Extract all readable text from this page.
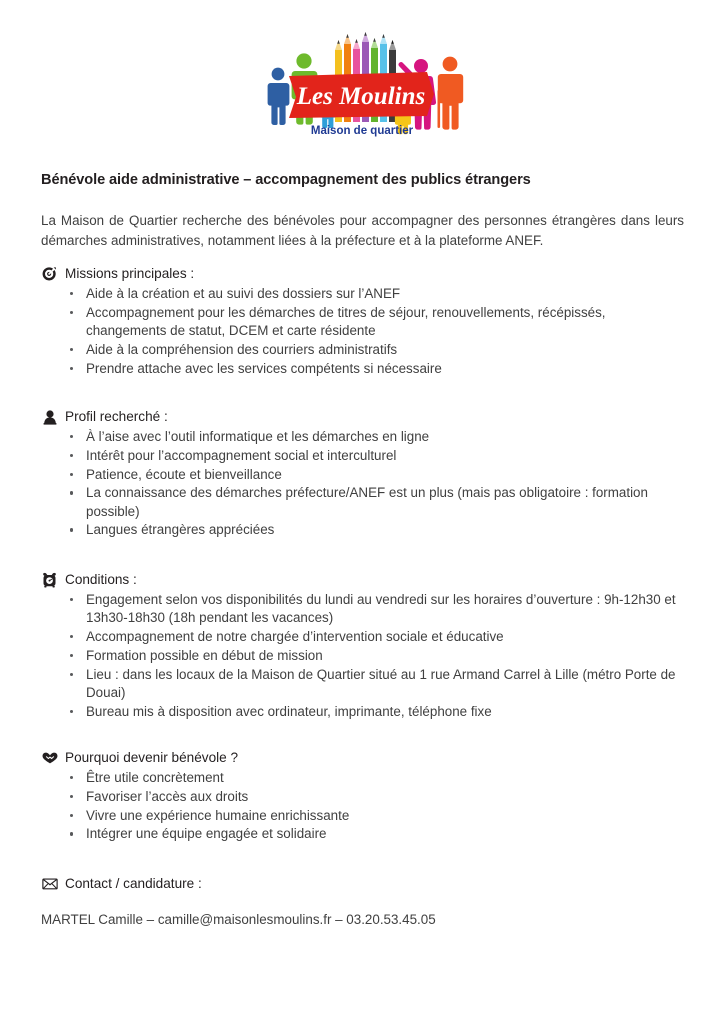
Les Moulins
Maison de quartier
Bénévole aide administrative – accompagnement des publics étrangers
La Maison de Quartier recherche des bénévoles pour accompagner des personnes étrangères dans leurs démarches administratives, notamment liées à la préfecture et à la plateforme ANEF.
Missions principales :
Aide à la création et au suivi des dossiers sur l’ANEF
Accompagnement pour les démarches de titres de séjour, renouvellements, récépissés, changements de statut, DCEM et carte résidente
Aide à la compréhension des courriers administratifs
Prendre attache avec les services compétents si nécessaire
Profil recherché :
À l’aise avec l’outil informatique et les démarches en ligne
Intérêt pour l’accompagnement social et interculturel
Patience, écoute et bienveillance
La connaissance des démarches préfecture/ANEF est un plus (mais pas obligatoire : formation possible)
Langues étrangères appréciées
Conditions :
Engagement selon vos disponibilités du lundi au vendredi sur les horaires d’ouverture : 9h-12h30 et 13h30-18h30 (18h pendant les vacances)
Accompagnement de notre chargée d’intervention sociale et éducative
Formation possible en début de mission
Lieu : dans les locaux de la Maison de Quartier situé au 1 rue Armand Carrel à Lille (métro Porte de Douai)
Bureau mis à disposition avec ordinateur, imprimante, téléphone fixe
Pourquoi devenir bénévole ?
Être utile concrètement
Favoriser l’accès aux droits
Vivre une expérience humaine enrichissante
Intégrer une équipe engagée et solidaire
Contact / candidature :
MARTEL Camille – camille@maisonlesmoulins.fr – 03.20.53.45.05
